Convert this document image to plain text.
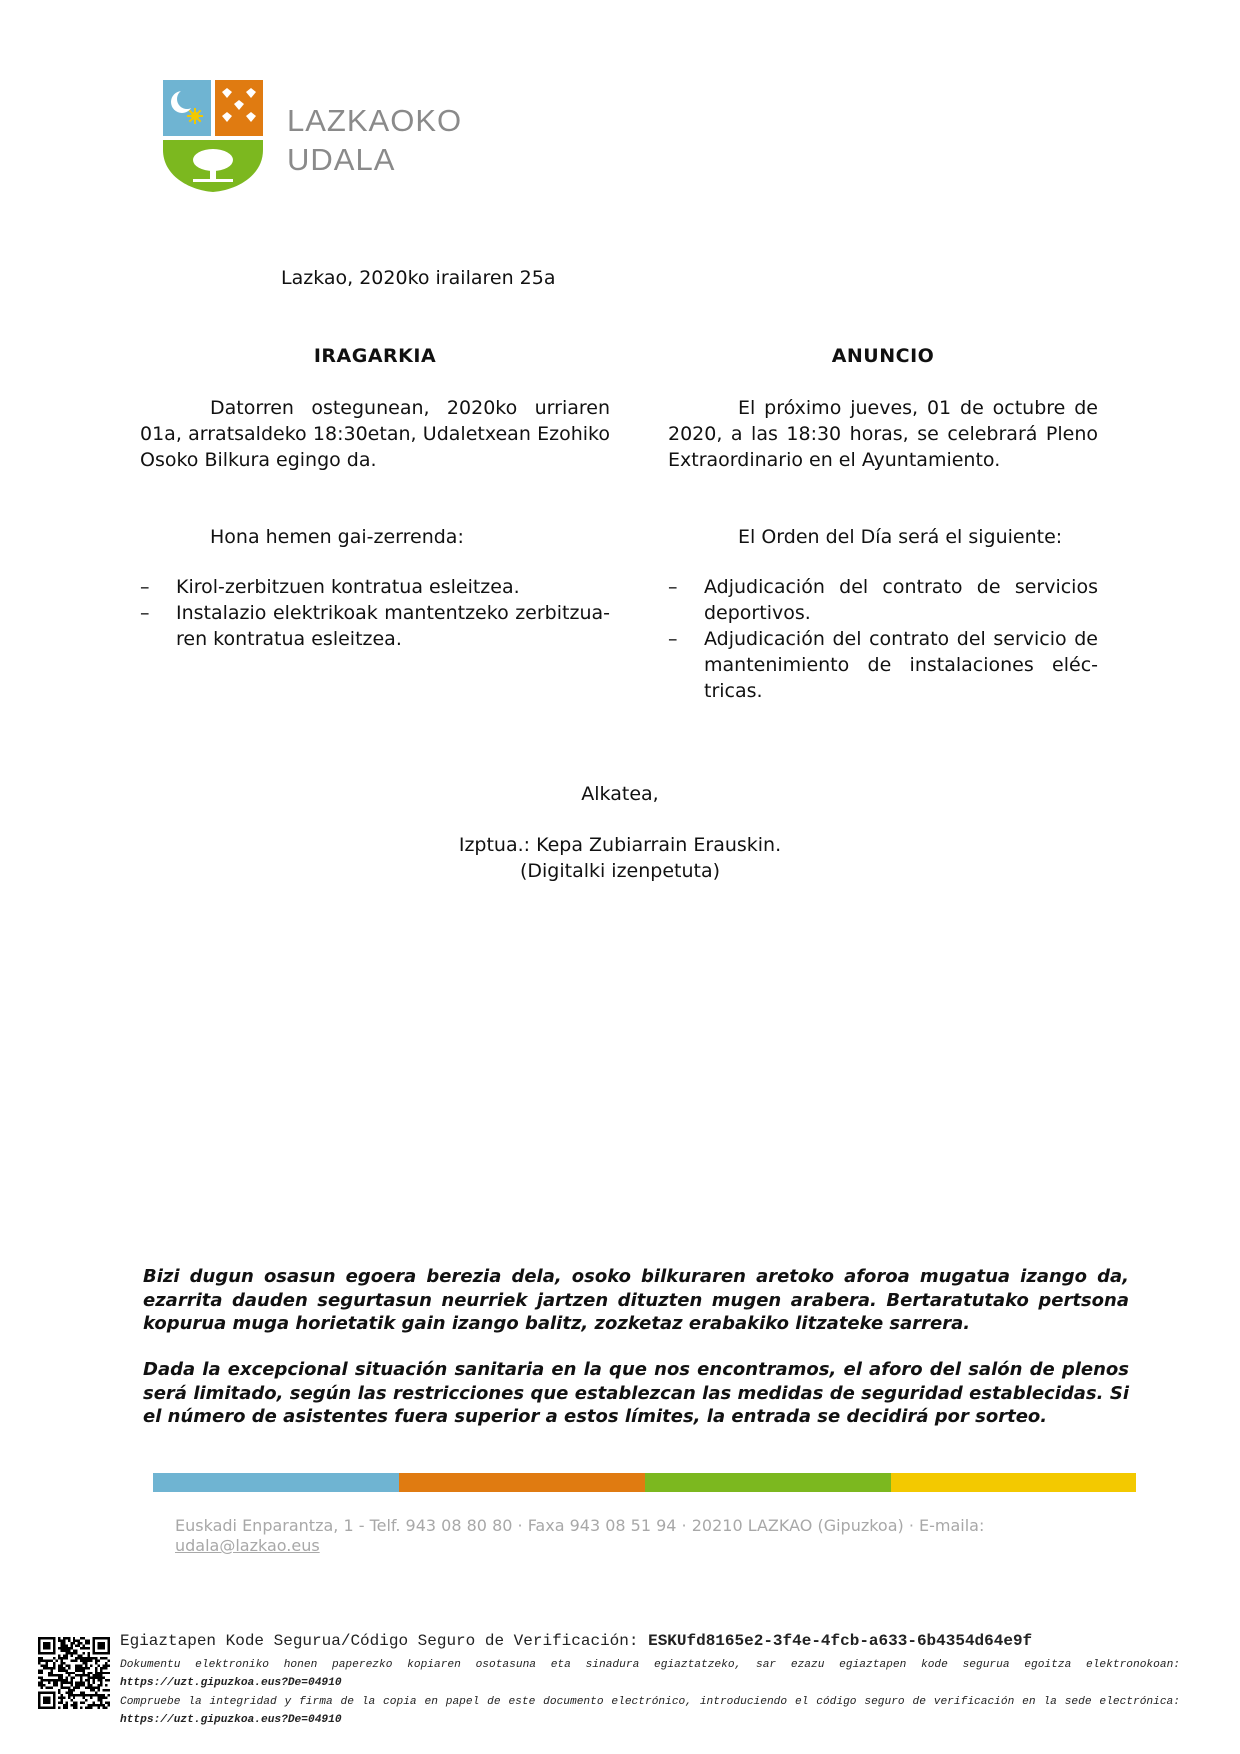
LAZKAOKO
UDALA
Lazkao, 2020ko irailaren 25a
IRAGARKIA

Datorren ostegunean, 2020ko urriaren 01a, arratsaldeko 18:30etan, Udaletxean Ezohiko Osoko Bilkura egingo da.

Hona hemen gai-zerrenda:
– Kirol-zerbitzuen kontratua esleitzea.
– Instalazio elektrikoak mantentzeko zerbitzua-ren kontratua esleitzea.
ANUNCIO

El próximo jueves, 01 de octubre de 2020, a las 18:30 horas, se celebrará Pleno Extraordinario en el Ayuntamiento.

El Orden del Día será el siguiente:
– Adjudicación del contrato de servicios deportivos.
– Adjudicación del contrato del servicio de mantenimiento de instalaciones eléc-tricas.
Alkatea,
Izptua.: Kepa Zubiarrain Erauskin.
(Digitalki izenpetuta)

Bizi dugun osasun egoera berezia dela, osoko bilkuraren aretoko aforoa mugatua izango da, ezarrita dauden segurtasun neurriek jartzen dituzten mugen arabera. Bertaratutako pertsona kopurua muga horietatik gain izango balitz, zozketaz erabakiko litzateke sarrera.

Dada la excepcional situación sanitaria en la que nos encontramos, el aforo del salón de plenos será limitado, según las restricciones que establezcan las medidas de seguridad establecidas. Si el número de asistentes fuera superior a estos límites, la entrada se decidirá por sorteo.

Euskadi Enparantza, 1 - Telf. 943 08 80 80 · Faxa 943 08 51 94 · 20210 LAZKAO (Gipuzkoa) · E-maila: udala@lazkao.eus
Egiaztapen Kode Segurua/Código Seguro de Verificación: ESKUfd8165e2-3f4e-4fcb-a633-6b4354d64e9f
Dokumentu elektroniko honen paperezko kopiaren osotasuna eta sinadura egiaztatzeko, sar ezazu egiaztapen kode segurua egoitza elektronokoan: https://uzt.gipuzkoa.eus?De=04910
Compruebe la integridad y firma de la copia en papel de este documento electrónico, introduciendo el código seguro de verificación en la sede electrónica: https://uzt.gipuzkoa.eus?De=04910
